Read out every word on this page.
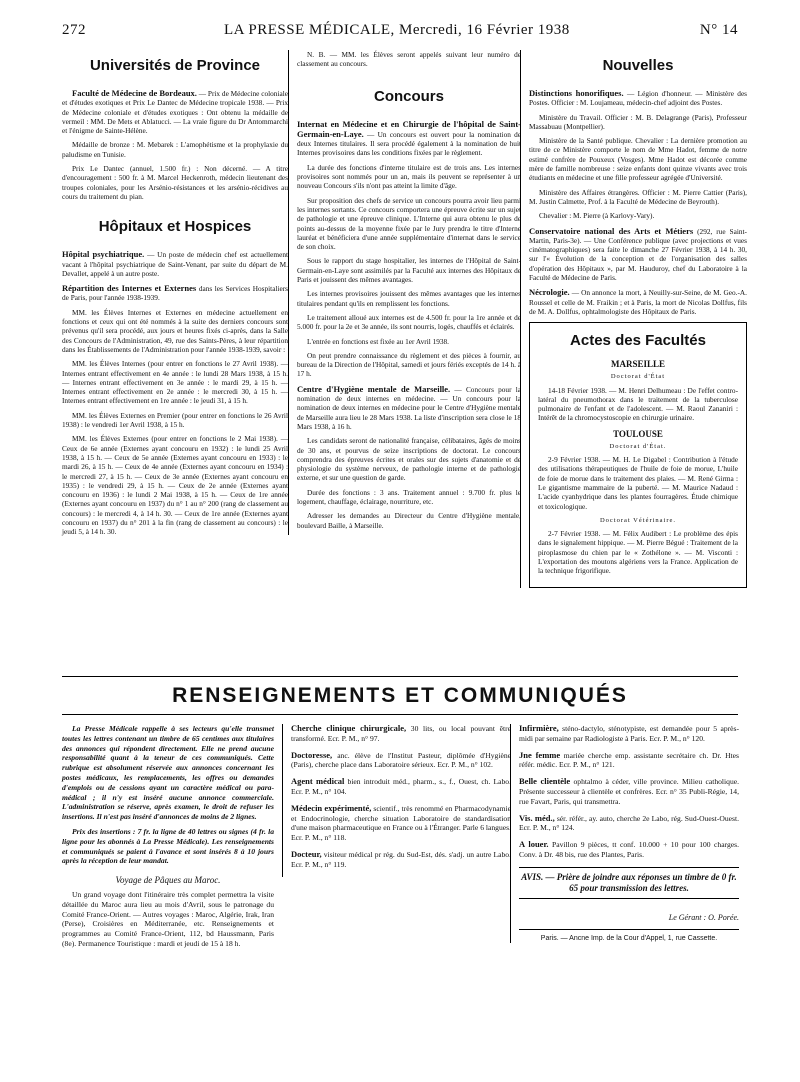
272	LA PRESSE MÉDICALE, Mercredi, 16 Février 1938	N° 14
Universités de Province

Faculté de Médecine de Bordeaux. — Prix de Médecine coloniale et d'études exotiques et Prix Le Dantec de Médecine tropicale 1938. — Prix de Médecine coloniale et d'études exotiques : Ont obtenu la médaille de vermeil : MM. De Mets et Ablatucci. — La vraie figure du Dr Antommarchi et l'énigme de Sainte-Hélène.

Médaille de bronze : M. Mebarek : L'amophétisme et la prophylaxie du paludisme en Tunisie.

Prix Le Dantec (annuel, 1.500 fr.) : Non décerné. — A titre d'encouragement : 500 fr. à M. Marcel Heckenroth, médecin lieutenant des troupes coloniales, pour les Arsénio-résistances et les arsénio-récidives au cours du traitement du pian.

Hôpitaux et Hospices

Hôpital psychiatrique. — Un poste de médecin chef est actuellement vacant à l'hôpital psychiatrique de Saint-Venant, par suite du départ de M. Devallet, appelé à un autre poste.

Répartition des Internes et Externes dans les Services Hospitaliers de Paris, pour l'année 1938-1939.

MM. les Élèves Internes et Externes en médecine actuellement en fonctions et ceux qui ont été nommés à la suite des derniers concours sont prévenus qu'il sera procédé, aux jours et heures fixés ci-après, dans la Salle des Concours de l'Administration, 49, rue des Saints-Pères, à leur répartition dans les Établissements de l'Administration pour l'année 1938-1939, savoir :

MM. les Élèves Internes (pour entrer en fonctions le 27 Avril 1938). — Internes entrant effectivement en 4e année : le lundi 28 Mars 1938, à 15 h. — Internes entrant effectivement en 3e année : le mardi 29, à 15 h. — Internes entrant effectivement en 2e année : le mercredi 30, à 15 h. — Internes entrant effectivement en 1re année : le jeudi 31, à 15 h.

MM. les Élèves Externes en Premier (pour entrer en fonctions le 26 Avril 1938) : le vendredi 1er Avril 1938, à 15 h.

MM. les Élèves Externes (pour entrer en fonctions le 2 Mai 1938). — Ceux de 6e année (Externes ayant concouru en 1932) : le lundi 25 Avril 1938, à 15 h. — Ceux de 5e année (Externes ayant concouru en 1933) : le mardi 26, à 15 h. — Ceux de 4e année (Externes ayant concouru en 1934) : le mercredi 27, à 15 h. — Ceux de 3e année (Externes ayant concouru en 1935) : le vendredi 29, à 15 h. — Ceux de 2e année (Externes ayant concouru en 1936) : le lundi 2 Mai 1938, à 15 h. — Ceux de 1re année (Externes ayant concouru en 1937) du n° 1 au n° 200 (rang de classement au concours) : le mercredi 4, à 14 h. 30. — Ceux de 1re année (Externes ayant concouru en 1937) du n° 201 à la fin (rang de classement au concours) : le jeudi 5, à 14 h. 30.

N. B. — MM. les Élèves seront appelés suivant leur numéro de classement au concours.

Concours

Internat en Médecine et en Chirurgie de l'hôpital de Saint-Germain-en-Laye. — Un concours est ouvert pour la nomination de deux Internes titulaires. Il sera procédé également à la nomination de huit Internes provisoires dans les conditions fixées par le règlement.

La durée des fonctions d'interne titulaire est de trois ans. Les internes provisoires sont nommés pour un an, mais ils peuvent se représenter à un nouveau Concours s'ils n'ont pas atteint la limite d'âge.

Sur proposition des chefs de service un concours pourra avoir lieu parmi les internes sortants. Ce concours comportera une épreuve écrite sur un sujet de pathologie et une épreuve clinique. L'Interne qui aura obtenu le plus de points au-dessus de la moyenne fixée par le Jury prendra le titre d'Interne lauréat et bénéficiera d'une année supplémentaire d'internat dans le service de son choix.

Sous le rapport du stage hospitalier, les internes de l'Hôpital de Saint-Germain-en-Laye sont assimilés par la Faculté aux internes des Hôpitaux de Paris et jouissent des mêmes avantages.

Les internes provisoires jouissent des mêmes avantages que les internes titulaires pendant qu'ils en remplissent les fonctions.

Le traitement alloué aux internes est de 4.500 fr. pour la 1re année et de 5.000 fr. pour la 2e et 3e année, ils sont nourris, logés, chauffés et éclairés.

L'entrée en fonctions est fixée au 1er Avril 1938.

On peut prendre connaissance du règlement et des pièces à fournir, au bureau de la Direction de l'Hôpital, samedi et jours fériés exceptés de 14 h. à 17 h.

Centre d'Hygiène mentale de Marseille. — Concours pour la nomination de deux internes en médecine. — Un concours pour la nomination de deux internes en médecine pour le Centre d'Hygiène mentale de Marseille aura lieu le 28 Mars 1938. La liste d'inscription sera close le 18 Mars 1938, à 16 h.

Les candidats seront de nationalité française, célibataires, âgés de moins de 30 ans, et pourvus de seize inscriptions de doctorat. Le concours comprendra des épreuves écrites et orales sur des sujets d'anatomie et de physiologie du système nerveux, de pathologie interne et de pathologie externe, et sur une question de garde.

Durée des fonctions : 3 ans. Traitement annuel : 9.700 fr. plus le logement, chauffage, éclairage, nourriture, etc.

Adresser les demandes au Directeur du Centre d'Hygiène mentale, boulevard Baille, à Marseille.

Nouvelles

Distinctions honorifiques. — Légion d'honneur. — Ministère des Postes. Officier : M. Loujameau, médecin-chef adjoint des Postes.

Ministère du Travail. Officier : M. B. Delagrange (Paris), Professeur Massabuau (Montpellier).

Ministère de la Santé publique. Chevalier : La dernière promotion au titre de ce Ministère comporte le nom de Mme Hadot, femme de notre estimé confrère de Pouxeux (Vosges). Mme Hadot est décorée comme mère de famille nombreuse : seize enfants dont quinze vivants avec trois étudiants en médecine et une fille professeur agrégée d'Université.

Ministère des Affaires étrangères. Officier : M. Pierre Cattier (Paris), M. Justin Calmette, Prof. à la Faculté de Médecine de Beyrouth).

Chevalier : M. Pierre (à Karlovy-Vary).

Conservatoire national des Arts et Métiers (292, rue Saint-Martin, Paris-3e). — Une Conférence publique (avec projections et vues cinématographiques) sera faite le dimanche 27 Février 1938, à 14 h. 30, sur l'« Évolution de la conception et de l'organisation des salles d'opération des Hôpitaux », par M. Hauduroy, chef du Laboratoire à la Faculté de Médecine de Paris.

Nécrologie. — On annonce la mort, à Neuilly-sur-Seine, de M. Geo.-A. Roussel et celle de M. Fraikin ; et à Paris, la mort de Nicolas Dollfus, fils de M. A. Dollfus, ophtalmologiste des Hôpitaux de Paris.

Actes des Facultés
MARSEILLE
Doctorat d'État

14-18 Février 1938. — M. Henri Delhumeau : De l'effet contro-latéral du pneumothorax dans le traitement de la tuberculose pulmonaire de l'enfant et de l'adolescent. — M. Raoul Zananiri : Intérêt de la chromocystoscopie en chirurgie urinaire.

TOULOUSE
Doctorat d'État.

2-9 Février 1938. — M. H. Le Digabel : Contribution à l'étude des utilisations thérapeutiques de l'huile de foie de morue, L'huile de foie de morue dans le traitement des plaies. — M. René Girma : Le gigantisme mammaire de la puberté. — M. Maurice Nadaud : L'acide cyanhydrique dans les plantes fourragères. Étude chimique et toxicologique.

Doctorat Vétérinaire.

2-7 Février 1938. — M. Félix Audibert : Le problème des épis dans le signalement hippique. — M. Pierre Bégué : Traitement de la piroplasmose du chien par le « Zothélone ». — M. Visconti : L'exportation des moutons algériens vers la France. Application de la technique frigorifique.

RENSEIGNEMENTS ET COMMUNIQUÉS

La Presse Médicale rappelle à ses lecteurs qu'elle transmet toutes les lettres contenant un timbre de 65 centimes aux titulaires des annonces qui répondent directement. Elle ne prend aucune responsabilité quant à la teneur de ces communiqués. Cette rubrique est absolument réservée aux annonces concernant les postes médicaux, les remplacements, les offres ou demandes d'emplois ou de cessions ayant un caractère médical ou para-médical ; il n'y est inséré aucune annonce commerciale. L'administration se réserve, après examen, le droit de refuser les insertions. Il n'est pas inséré d'annonces de moins de 2 lignes.

Prix des insertions : 7 fr. la ligne de 40 lettres ou signes (4 fr. la ligne pour les abonnés à La Presse Médicale). Les renseignements et communiqués se paient à l'avance et sont insérés 8 à 10 jours après la réception de leur mandat.

Voyage de Pâques au Maroc.

Un grand voyage dont l'itinéraire très complet permettra la visite détaillée du Maroc aura lieu au mois d'Avril, sous le patronage du Comité France-Orient. — Autres voyages : Maroc, Algérie, Irak, Iran (Perse), Croisières en Méditerranée, etc. Renseignements et programmes au Comité France-Orient, 112, bd Haussmann, Paris (8e). Permanence Touristique : mardi et jeudi de 15 à 18 h.

Cherche clinique chirurgicale, 30 lits, ou local pouvant être transformé. Ecr. P. M., n° 97.

Doctoresse, anc. élève de l'Institut Pasteur, diplômée d'Hygiène (Paris), cherche place dans Laboratoire sérieux. Ecr. P. M., n° 102.

Agent médical bien introduit méd., pharm., s., f., Ouest, ch. Labo. Ecr. P. M., n° 104.

Médecin expérimenté, scientif., très renommé en Pharmacodynamie et Endocrinologie, cherche situation Laboratoire de standardisation d'une maison pharmaceutique en France ou à l'Étranger. Parle 6 langues. Ecr. P. M., n° 118.

Docteur, visiteur médical pr rég. du Sud-Est, dés. s'adj. un autre Labo. Ecr. P. M., n° 119.

Infirmière, sténo-dactylo, sténotypiste, est demandée pour 5 après-midi par semaine par Radiologiste à Paris. Ecr. P. M., n° 120.

Jne femme mariée cherche emp. assistante secrétaire ch. Dr. Htes référ. médic. Ecr. P. M., n° 121.

Belle clientèle ophtalmo à céder, ville province. Milieu catholique. Présente successeur à clientèle et confrères. Ecr. n° 35 Publi-Régie, 14, rue Favart, Paris, qui transmettra.

Vis. méd., sér. référ., ay. auto, cherche 2e Labo, rég. Sud-Ouest-Ouest. Ecr. P. M., n° 124.

A louer. Pavillon 9 pièces, tt conf. 10.000 + 10 pour 100 charges. Conv. à Dr. 48 bis, rue des Plantes, Paris.

AVIS. — Prière de joindre aux réponses un timbre de 0 fr. 65 pour transmission des lettres.
Le Gérant : O. Porée.
Paris. — Ancne Imp. de la Cour d'Appel, 1, rue Cassette.
